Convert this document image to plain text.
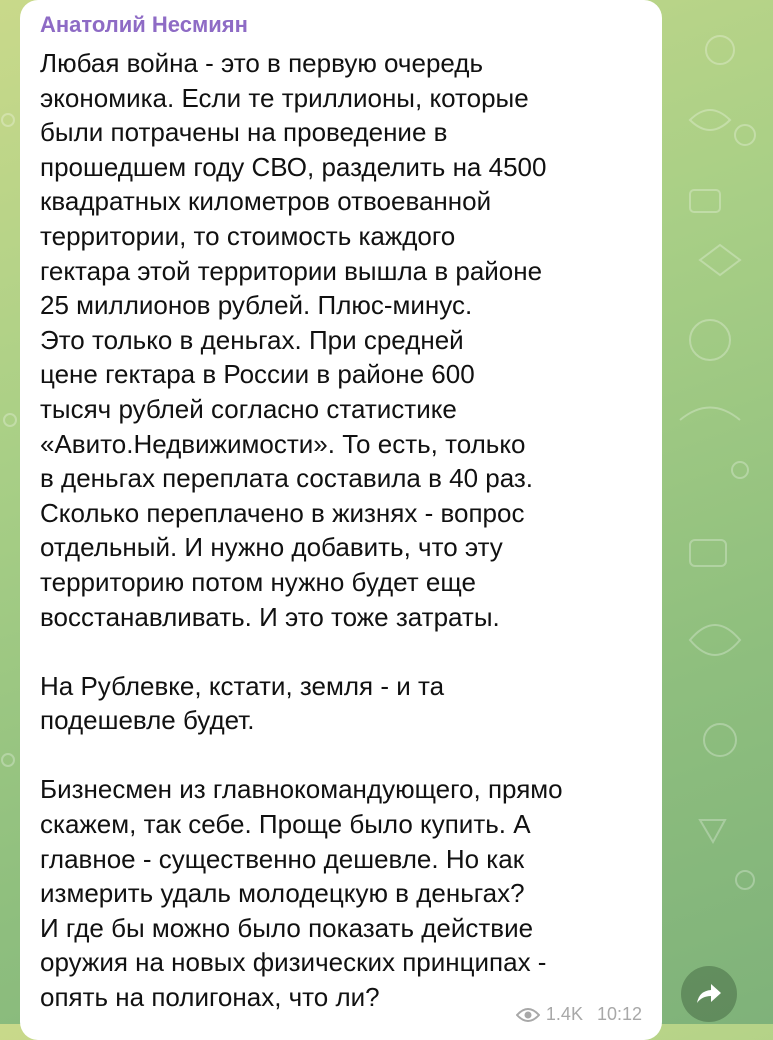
Анатолий Несмиян
Любая война - это в первую очередь
экономика. Если те триллионы, которые
были потрачены на проведение в
прошедшем году СВО, разделить на 4500
квадратных километров отвоеванной
территории, то стоимость каждого
гектара этой территории вышла в районе
25 миллионов рублей. Плюс-минус.
Это только в деньгах. При средней
цене гектара в России в районе 600
тысяч рублей согласно статистике
«Авито.Недвижимости». То есть, только
в деньгах переплата составила в 40 раз.
Сколько переплачено в жизнях - вопрос
отдельный. И нужно добавить, что эту
территорию потом нужно будет еще
восстанавливать. И это тоже затраты.
На Рублевке, кстати, земля - и та
подешевле будет.
Бизнесмен из главнокомандующего, прямо
скажем, так себе. Проще было купить. А
главное - существенно дешевле. Но как
измерить удаль молодецкую в деньгах?
И где бы можно было показать действие
оружия на новых физических принципах -
опять на полигонах, что ли?
1.4K 10:12
